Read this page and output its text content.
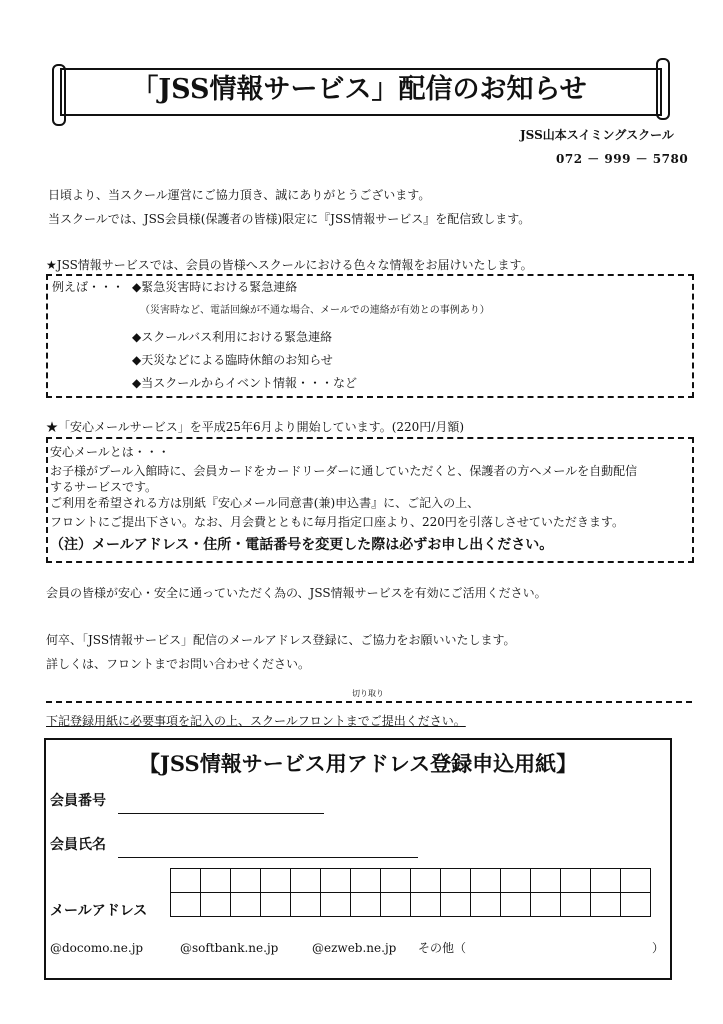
「JSS情報サービス」配信のお知らせ
JSS山本スイミングスクール
072 － 999 － 5780
日頃より、当スクール運営にご協力頂き、誠にありがとうございます。
当スクールでは、JSS会員様(保護者の皆様)限定に『JSS情報サービス』を配信致します。
★JSS情報サービスでは、会員の皆様へスクールにおける色々な情報をお届けいたします。
例えば・・・ ◆緊急災害時における緊急連絡
（災害時など、電話回線が不通な場合、メールでの連絡が有効との事例あり）
◆スクールバス利用における緊急連絡
◆天災などによる臨時休館のお知らせ
◆当スクールからイベント情報・・・など
★「安心メールサービス」を平成25年6月より開始しています。(220円/月額)
安心メールとは・・・
お子様がプール入館時に、会員カードをカードリーダーに通していただくと、保護者の方へメールを自動配信
するサービスです。
ご利用を希望される方は別紙『安心メール同意書(兼)申込書』に、ご記入の上、
フロントにご提出下さい。なお、月会費とともに毎月指定口座より、220円を引落しさせていただきます。
（注）メールアドレス・住所・電話番号を変更した際は必ずお申し出ください。
会員の皆様が安心・安全に通っていただく為の、JSS情報サービスを有効にご活用ください。
何卒、「JSS情報サービス」配信のメールアドレス登録に、ご協力をお願いいたします。
詳しくは、フロントまでお問い合わせください。
切り取り
下記登録用紙に必要事項を記入の上、スクールフロントまでご提出ください。
【JSS情報サービス用アドレス登録申込用紙】
会員番号
会員氏名
メールアドレス

@docomo.ne.jp	@softbank.ne.jp	@ezweb.ne.jp その他（	）
